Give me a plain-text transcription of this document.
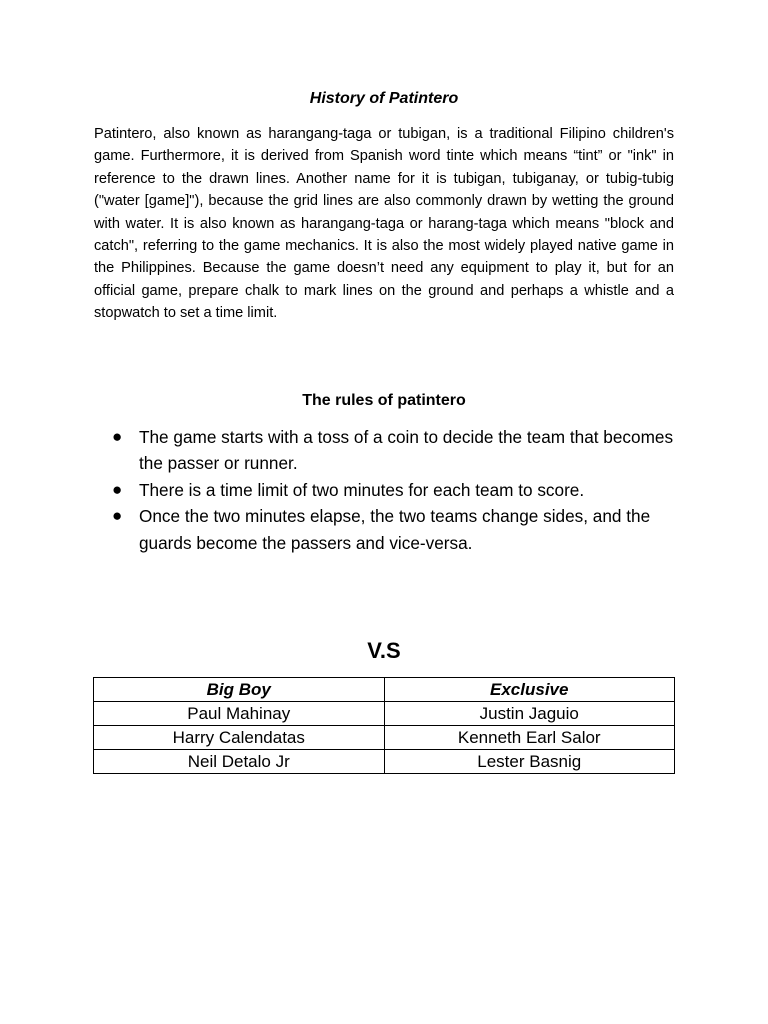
History of Patintero

Patintero, also known as harangang-taga or tubigan, is a traditional Filipino children's game. Furthermore, it is derived from Spanish word tinte which means “tint” or "ink" in reference to the drawn lines. Another name for it is tubigan, tubiganay, or tubig-tubig ("water [game]"), because the grid lines are also commonly drawn by wetting the ground with water. It is also known as harangang-taga or harang-taga which means "block and catch", referring to the game mechanics. It is also the most widely played native game in the Philippines. Because the game doesn’t need any equipment to play it, but for an official game, prepare chalk to mark lines on the ground and perhaps a whistle and a stopwatch to set a time limit.

The rules of patintero
● The game starts with a toss of a coin to decide the team that becomes the passer or runner.
● There is a time limit of two minutes for each team to score.
● Once the two minutes elapse, the two teams change sides, and the guards become the passers and vice-versa.
V.S
Big Boy	Exclusive
Paul Mahinay	Justin Jaguio
Harry Calendatas	Kenneth Earl Salor
Neil Detalo Jr	Lester Basnig
